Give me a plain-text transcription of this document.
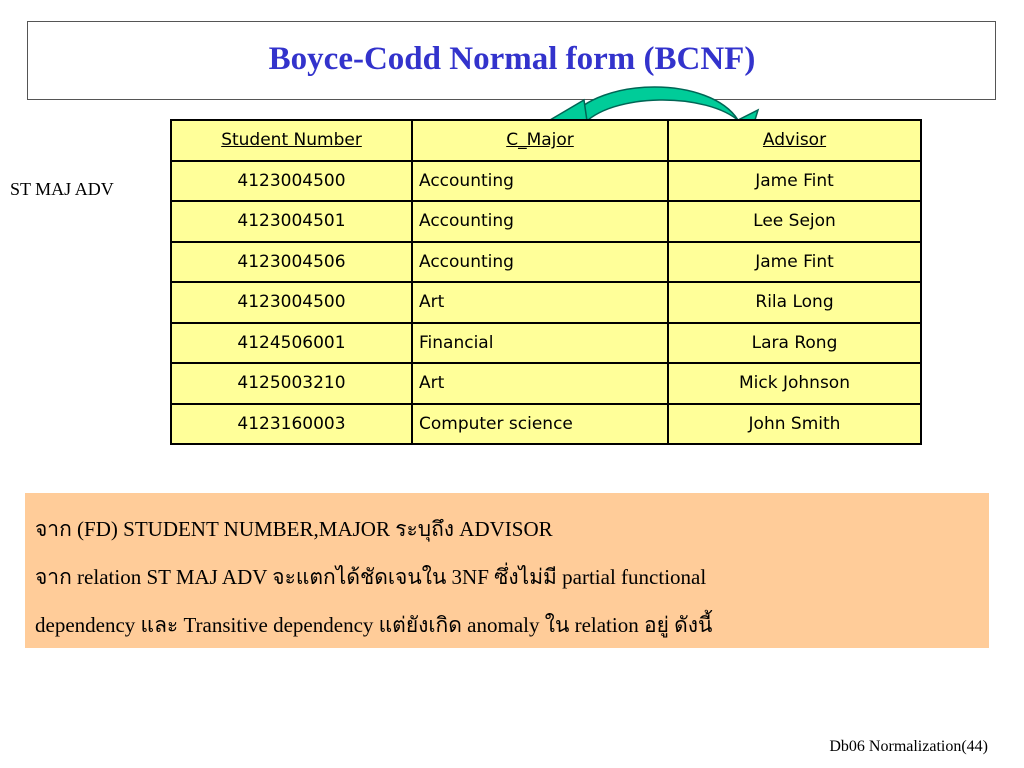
Boyce-Codd Normal form (BCNF)
ST MAJ ADV
Student Number	C_Major	Advisor
4123004500	Accounting	Jame Fint
4123004501	Accounting	Lee Sejon
4123004506	Accounting	Jame Fint
4123004500	Art	Rila Long
4124506001	Financial	Lara Rong
4125003210	Art	Mick Johnson
4123160003	Computer science	John Smith

จาก (FD) STUDENT NUMBER,MAJOR ระบุถึง ADVISOR

จาก relation ST MAJ ADV จะแตกได้ชัดเจนใน 3NF ซึ่งไม่มี partial functional

dependency และ Transitive dependency แต่ยังเกิด anomaly ใน relation อยู่ ดังนี้

Db06 Normalization(44)
